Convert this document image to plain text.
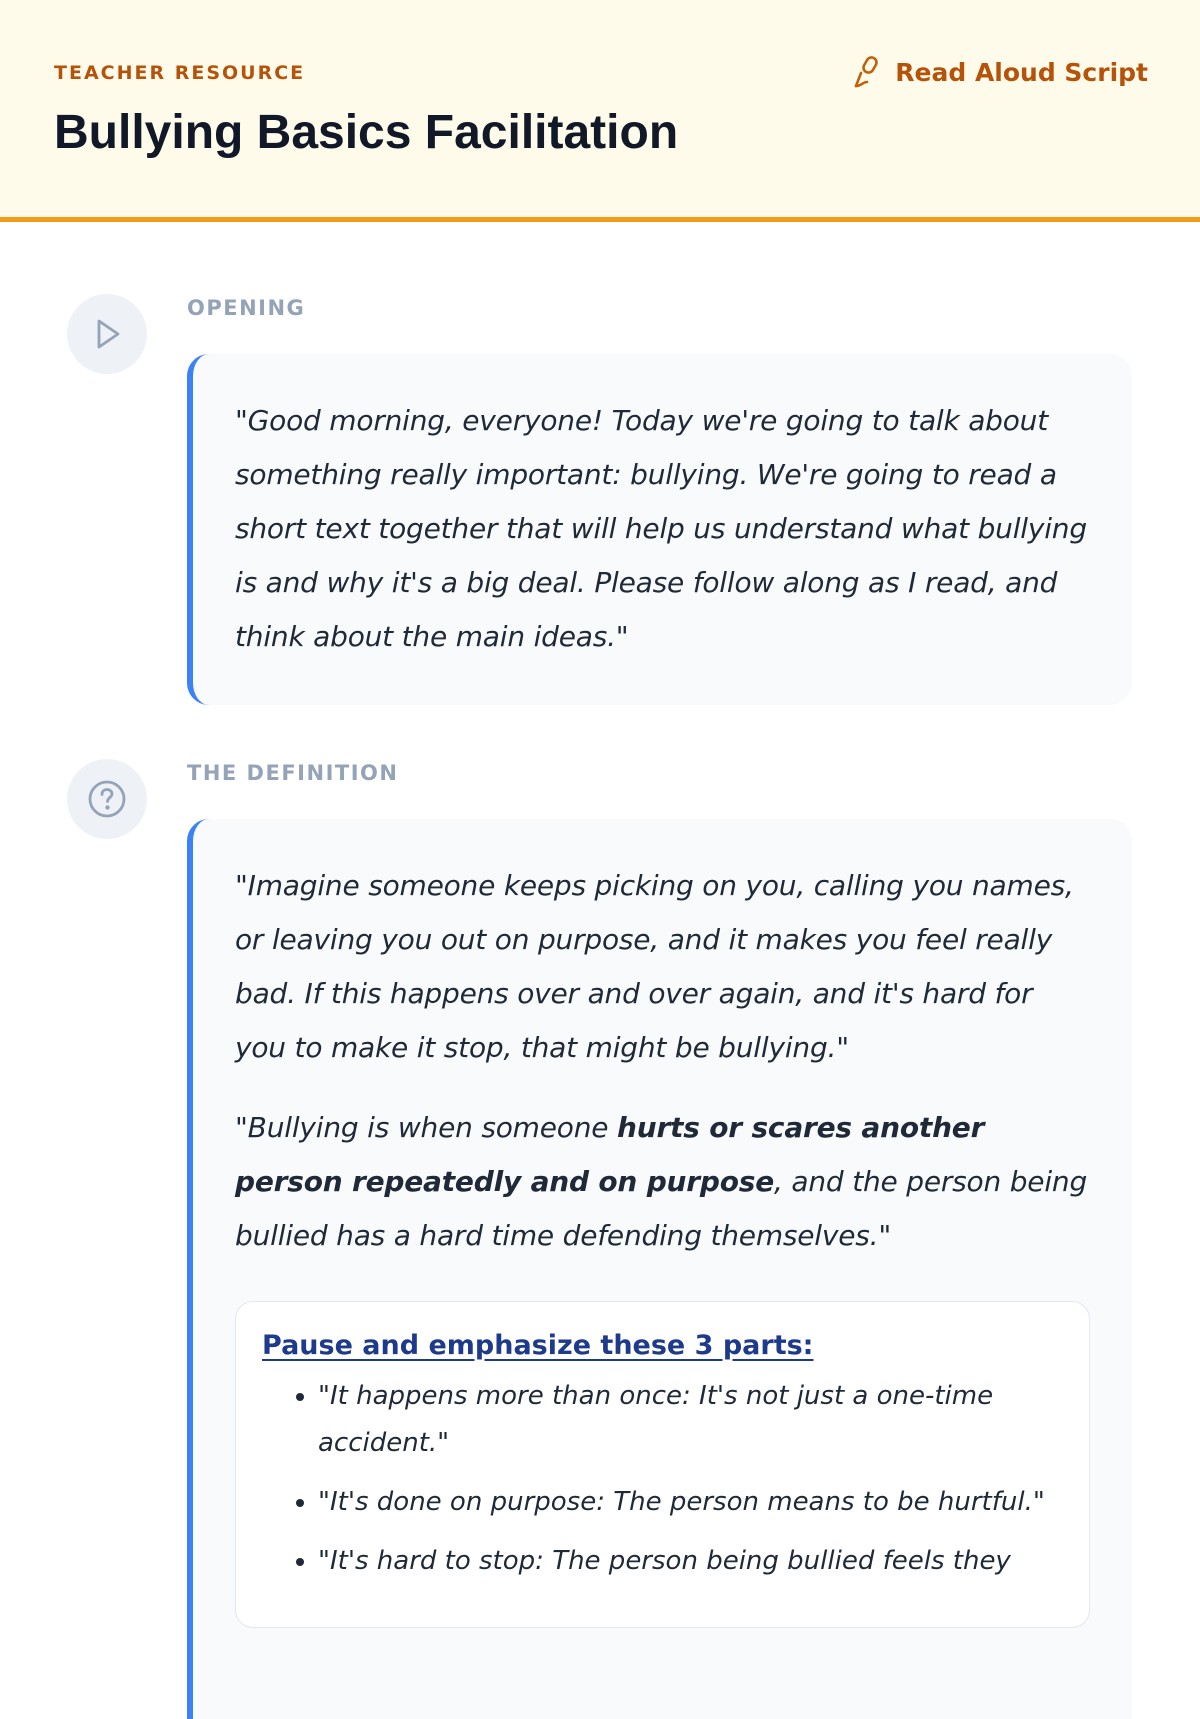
TEACHER RESOURCE
Bullying Basics Facilitation
Read Aloud Script
OPENING

"Good morning, everyone! Today we're going to talk about something really important: bullying. We're going to read a short text together that will help us understand what bullying is and why it's a big deal. Please follow along as I read, and think about the main ideas."

THE DEFINITION

"Imagine someone keeps picking on you, calling you names, or leaving you out on purpose, and it makes you feel really bad. If this happens over and over again, and it's hard for you to make it stop, that might be bullying."

"Bullying is when someone hurts or scares another person repeatedly and on purpose, and the person being bullied has a hard time defending themselves."

Pause and emphasize these 3 parts:

• "It happens more than once: It's not just a one-time accident."
• "It's done on purpose: The person means to be hurtful."
• "It's hard to stop: The person being bullied feels they
